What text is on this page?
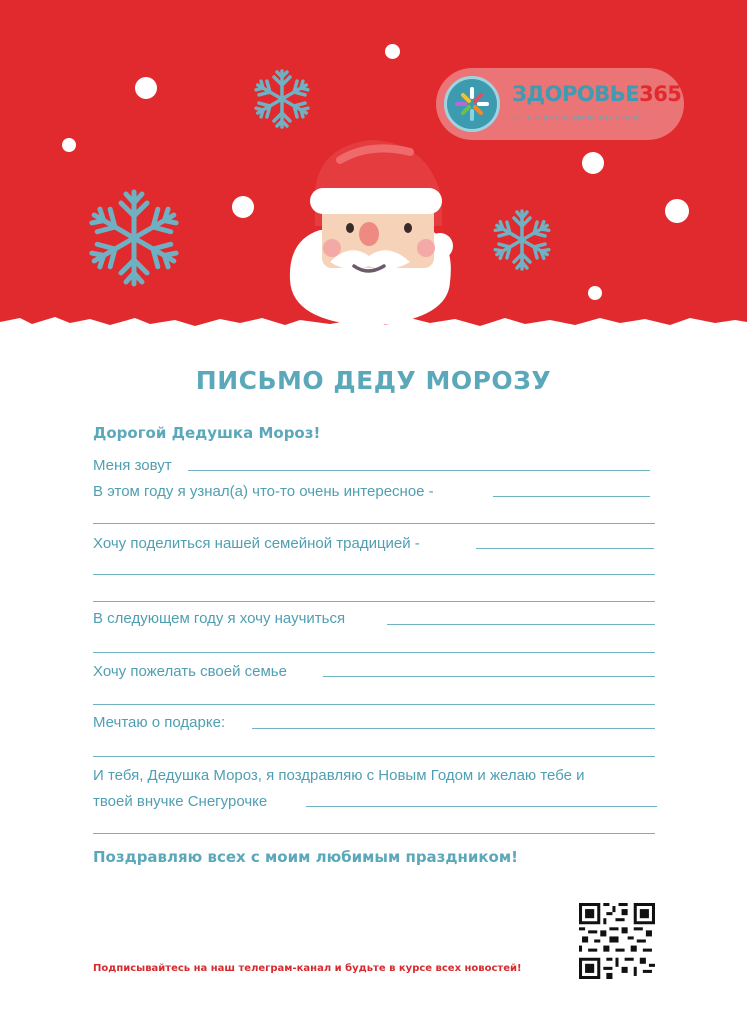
ЗДОРОВЬЕ365
СЕТЬ МНОГОПРОФИЛЬНЫХ КЛИНИК
ПИСЬМО ДЕДУ МОРОЗУ
Дорогой Дедушка Мороз!
Меня зовут
В этом году я узнал(а) что-то очень интересное -
Хочу поделиться нашей семейной традицией -
В следующем году я хочу научиться
Хочу пожелать своей семье
Мечтаю о подарке:
И тебя, Дедушка Мороз, я поздравляю с Новым Годом и желаю тебе и
твоей внучке Снегурочке
Поздравляю всех с моим любимым праздником!
Подписывайтесь на наш телеграм-канал и будьте в курсе всех новостей!
